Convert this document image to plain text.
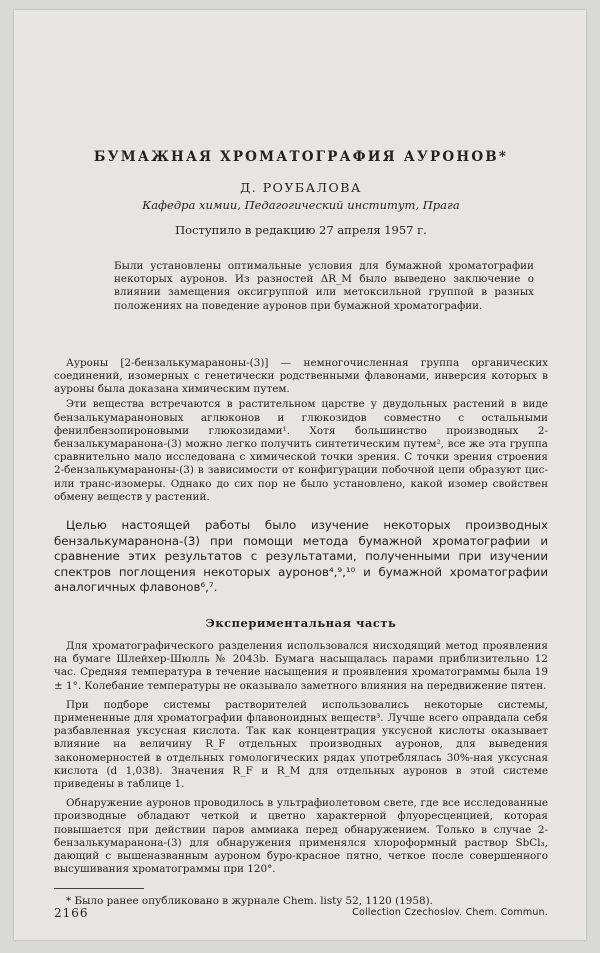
БУМАЖНАЯ ХРОМАТОГРАФИЯ АУРОНОВ*
Д. РОУБАЛОВА
Кафедра химии, Педагогический институт, Прага
Поступило в редакцию 27 апреля 1957 г.
Были установлены оптимальные условия для бумажной хроматографии некоторых ауронов. Из разностей ΔR_M было выведено заключение о влиянии замещения оксигруппой или метоксильной группой в разных положениях на поведение ауронов при бумажной хроматографии.

Ауроны [2-бензалькумараноны-(3)] — немногочисленная группа органических соединений, изомерных с генетически родственными флавонами, инверсия которых в ауроны была доказана химическим путем.

Эти вещества встречаются в растительном царстве у двудольных растений в виде бензалькумараноновых аглюконов и глюкозидов совместно с остальными фенилбензопироновыми глюкозидами¹. Хотя большинство производных 2-бензалькумаранона-(3) можно легко получить синтетическим путем², все же эта группа сравнительно мало исследована с химической точки зрения. С точки зрения строения 2-бензалькумараноны-(3) в зависимости от конфигурации побочной цепи образуют цис- или транс-изомеры. Однако до сих пор не было установлено, какой изомер свойствен обмену веществ у растений.

Целью настоящей работы было изучение некоторых производных бензалькумаранона-(3) при помощи метода бумажной хроматографии и сравнение этих результатов с результатами, полученными при изучении спектров поглощения некоторых ауронов⁴,⁹,¹⁰ и бумажной хроматографии аналогичных флавонов⁶,⁷.

Экспериментальная часть

Для хроматографического разделения использовался нисходящий метод проявления на бумаге Шлейхер-Шюлль № 2043b. Бумага насыщалась парами приблизительно 12 час. Средняя температура в течение насыщения и проявления хроматограммы была 19 ± 1°. Колебание температуры не оказывало заметного влияния на передвижение пятен.

При подборе системы растворителей использовались некоторые системы, примененные для хроматографии флавоноидных веществ³. Лучше всего оправдала себя разбавленная уксусная кислота. Так как концентрация уксусной кислоты оказывает влияние на величину R_F отдельных производных ауронов, для выведения закономерностей в отдельных гомологических рядах употреблялась 30%-ная уксусная кислота (d 1,038). Значения R_F и R_M для отдельных ауронов в этой системе приведены в таблице 1.

Обнаружение ауронов проводилось в ультрафиолетовом свете, где все исследованные производные обладают четкой и цветно характерной флуоресценцией, которая повышается при действии паров аммиака перед обнаружением. Только в случае 2-бензалькумаранона-(3) для обнаружения применялся хлороформный раствор SbCl₃, дающий с вышеназванным ауроном буро-красное пятно, четкое после совершенного высушивания хроматограммы при 120°.

* Было ранее опубликовано в журнале Chem. listy 52, 1120 (1958).
2166	Collection Czechoslov. Chem. Commun.
